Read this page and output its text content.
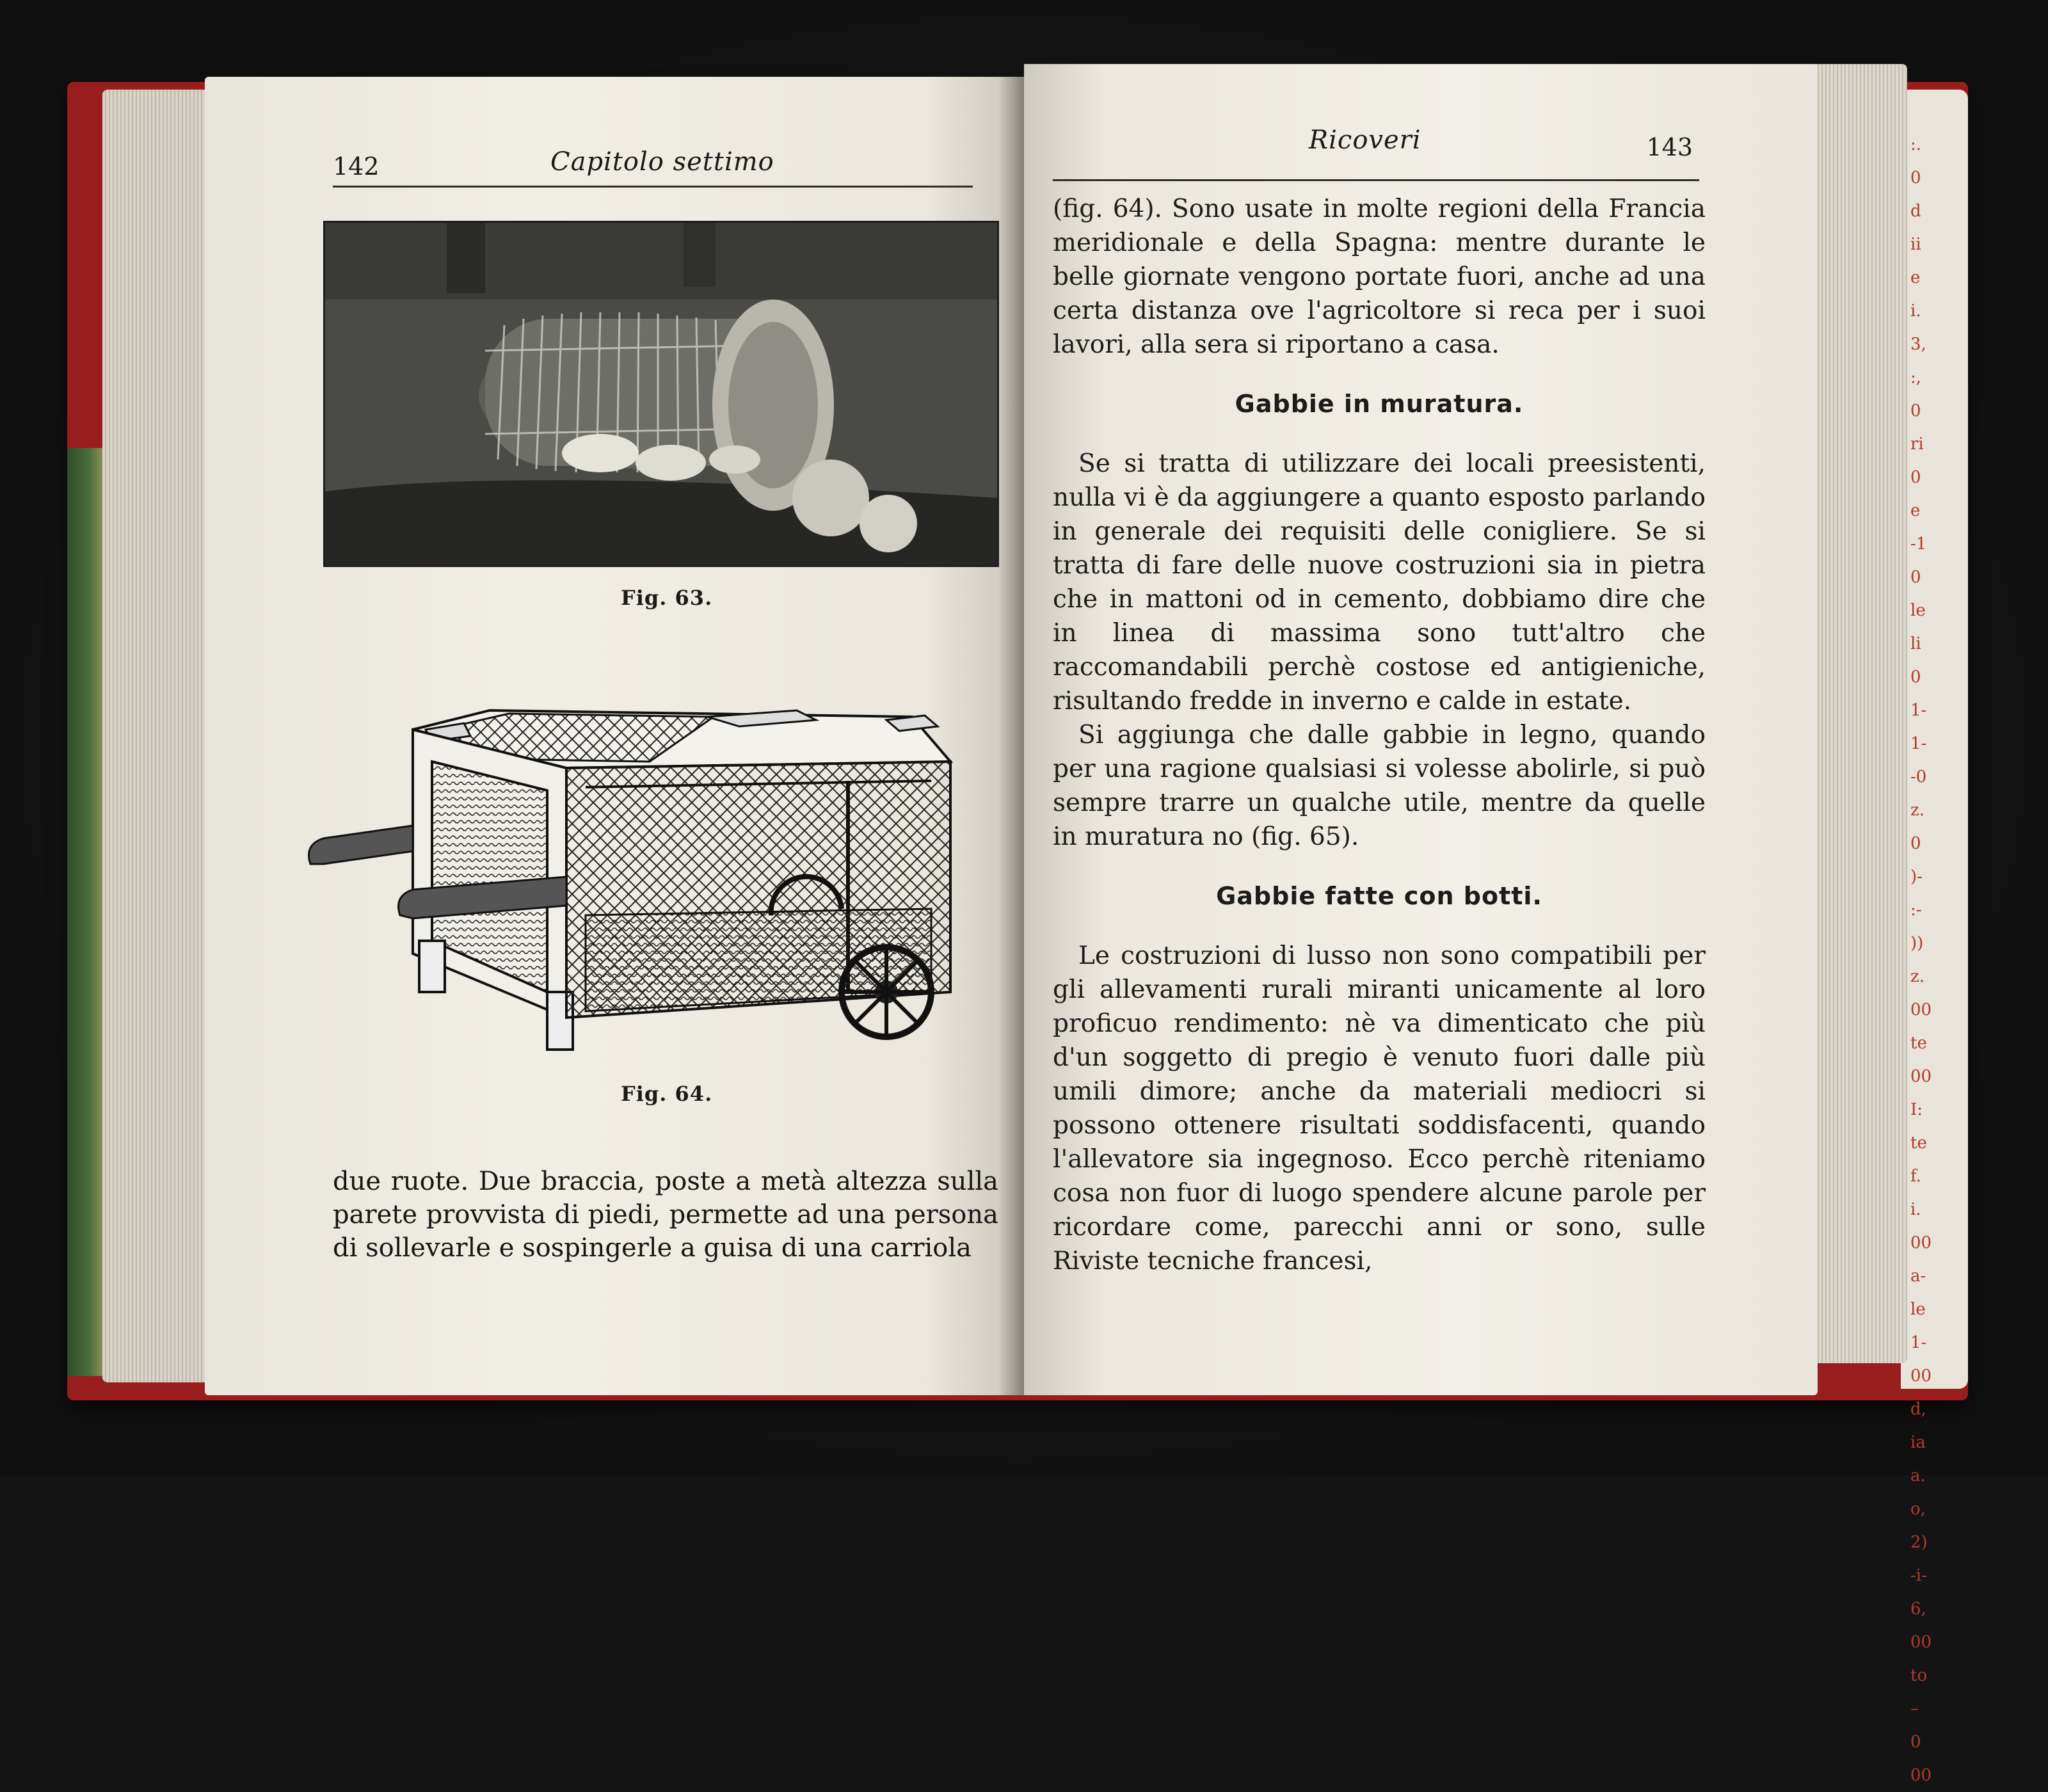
:.
0
d
ii
e
i.
3,
:,
0
ri
0
e
-1
0
le
li
0
1-
1-
-0
z.
0
)-
:-
))
z.
00
te
00
I:
te
f.
i.
00
a-
le
1-
00
d,
ia
a.
o,
2)
-i-
6,
00
to
–
0
00
142	Capitolo settimo
Fig. 63.
Fig. 64.

due ruote. Due braccia, poste a metà altezza sulla parete provvista di piedi, permette ad una persona di sollevarle e sospingerle a guisa di una carriola

Ricoveri	143

(fig. 64). Sono usate in molte regioni della Francia meridionale e della Spagna: mentre durante le belle giornate vengono portate fuori, anche ad una certa distanza ove l'agricoltore si reca per i suoi lavori, alla sera si riportano a casa.

Gabbie in muratura.

Se si tratta di utilizzare dei locali preesistenti, nulla vi è da aggiungere a quanto esposto parlando in generale dei requisiti delle conigliere. Se si tratta di fare delle nuove costruzioni sia in pietra che in mattoni od in cemento, dobbiamo dire che in linea di massima sono tutt'altro che raccomandabili perchè costose ed antigieniche, risultando fredde in inverno e calde in estate.

Si aggiunga che dalle gabbie in legno, quando per una ragione qualsiasi si volesse abolirle, si può sempre trarre un qualche utile, mentre da quelle in muratura no (fig. 65).

Gabbie fatte con botti.

Le costruzioni di lusso non sono compatibili per gli allevamenti rurali miranti unicamente al loro proficuo rendimento: nè va dimenticato che più d'un soggetto di pregio è venuto fuori dalle più umili dimore; anche da materiali mediocri si possono ottenere risultati soddisfacenti, quando l'allevatore sia ingegnoso. Ecco perchè riteniamo cosa non fuor di luogo spendere alcune parole per ricordare come, parecchi anni or sono, sulle Riviste tecniche francesi,
